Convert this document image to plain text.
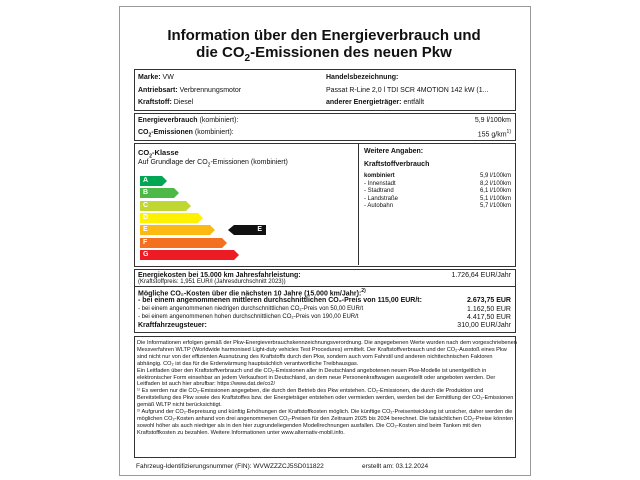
Information über den Energieverbrauch und
die $CO_2$-Emissionen des neuen Pkw
Marke: VW
Antriebsart: Verbrennungsmotor
Kraftstoff: Diesel
Handelsbezeichnung:
Passat R-Line 2,0 l TDI SCR 4MOTION 142 kW (1...
anderer Energieträger: entfällt
Energieverbrauch (kombiniert):	5,9 l/100km
$CO_2$-Emissionen (kombiniert):	155 $g/km^{1)}$
$CO_2$-Klasse
Auf Grundlage der $CO_2$-Emissionen (kombiniert)
A
B
C
D
E
F
G
E
Weitere Angaben:
Kraftstoffverbrauch
kombiniert	5,9 l/100km
- Innenstadt	8,2 l/100km
- Stadtrand	6,1 l/100km
- Landstraße	5,1 l/100km
- Autobahn	5,7 l/100km
Energiekosten bei 15.000 km Jahresfahrleistung:	1.726,64 EUR/Jahr
(Kraftstoffpreis: 1,951 EUR/l (Jahresdurchschnitt 2023))
Mögliche CO₂-Kosten über die nächsten 10 Jahre (15.000 km/Jahr):$^{2)}$
- bei einem angenommenen mittleren durchschnittlichen CO₂-Preis von 115,00 EUR/t:	2.673,75 EUR
- bei einem angenommenen niedrigen durchschnittlichen CO₂-Preis von 50,00 EUR/t	1.162,50 EUR
- bei einem angenommenen hohen durchschnittlichen CO₂-Preis von 190,00 EUR/t	4.417,50 EUR
Kraftfahrzeugsteuer:	310,00 EUR/Jahr

Die Informationen erfolgen gemäß der Pkw-Energieverbrauchskennzeichnungsverordnung. Die angegebenen Werte wurden nach dem vorgeschriebenen Messverfahren WLTP (Worldwide harmonised Light-duty vehicles Test Procedures) ermittelt. Der Kraftstoffverbrauch und der CO₂-Ausstoß eines Pkw sind nicht nur von der effizienten Ausnutzung des Kraftstoffs durch den Pkw, sondern auch vom Fahrstil und anderen nichttechnischen Faktoren abhängig. CO₂ ist das für die Erderwärmung hauptsächlich verantwortliche Treibhausgas.

Ein Leitfaden über den Kraftstoffverbrauch und die CO₂-Emissionen aller in Deutschland angebotenen neuen Pkw-Modelle ist unentgeltlich in elektronischer Form einsehbar an jedem Verkaufsort in Deutschland, an dem neue Personenkraftwagen ausgestellt oder angeboten werden. Der Leitfaden ist auch hier abrufbar: https://www.dat.de/co2/

¹⁾ Es werden nur die CO₂-Emissionen angegeben, die durch den Betrieb des Pkw entstehen. CO₂-Emissionen, die durch die Produktion und Bereitstellung des Pkw sowie des Kraftstoffes bzw. der Energieträger entstehen oder vermieden werden, werden bei der Ermittlung der CO₂-Emissionen gemäß WLTP nicht berücksichtigt.

²⁾ Aufgrund der CO₂-Bepreisung und künftig Erhöhungen der Kraftstoffkosten möglich. Die künftige CO₂-Preisentwicklung ist unsicher, daher werden die möglichen CO₂-Kosten anhand von drei angenommenen CO₂-Preisen für den Zeitraum 2025 bis 2034 berechnet. Die tatsächlichen CO₂-Preise könnten sowohl höher als auch niedriger als in den hier zugrundeliegenden Modellrechnungen ausfallen. Die CO₂-Kosten sind beim Tanken mit den Kraftstoffkosten zu bezahlen. Weitere Informationen unter www.alternativ-mobil.info.

Fahrzeug-Identifizierungsnummer (FIN): WVWZZZCJ5SD011822	erstellt am: 03.12.2024
